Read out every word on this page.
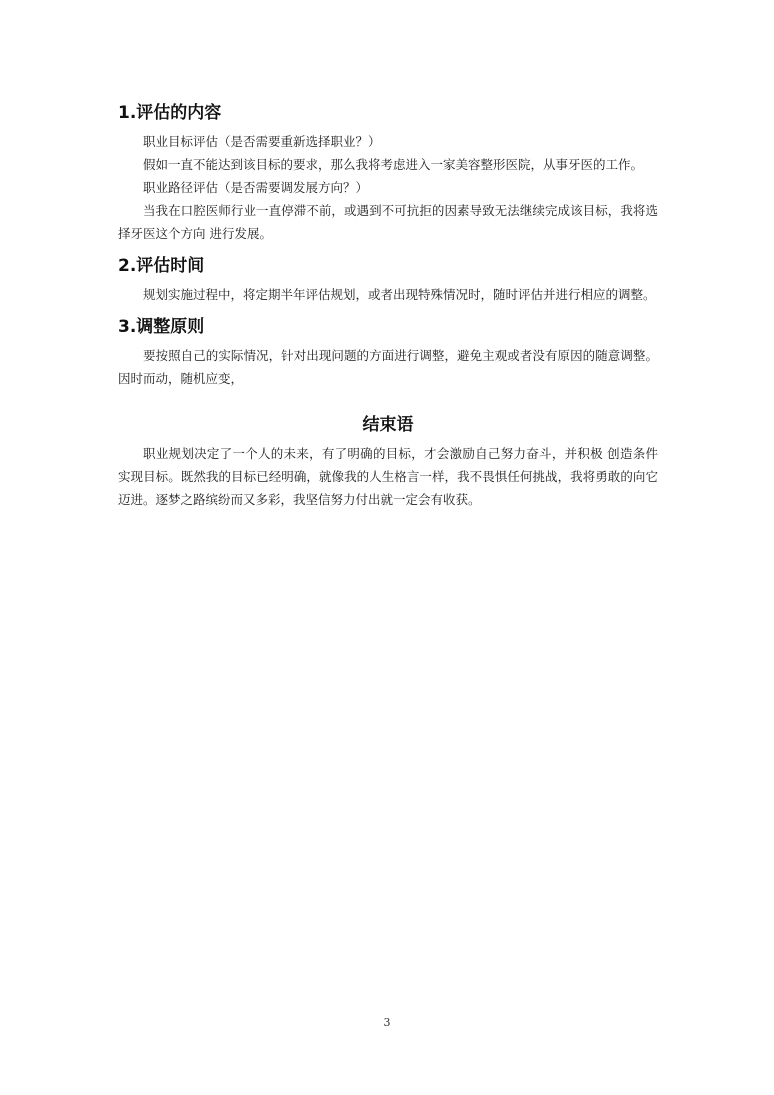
1.评估的内容

职业目标评估（是否需要重新选择职业？）

假如一直不能达到该目标的要求，那么我将考虑进入一家美容整形医院，从事牙医的工作。

职业路径评估（是否需要调发展方向？）

当我在口腔医师行业一直停滞不前，或遇到不可抗拒的因素导致无法继续完成该目标，我将选择牙医这个方向 进行发展。

2.评估时间

规划实施过程中，将定期半年评估规划，或者出现特殊情况时，随时评估并进行相应的调整。

3.调整原则

要按照自己的实际情况，针对出现问题的方面进行调整，避免主观或者没有原因的随意调整。因时而动，随机应变，

结束语

职业规划决定了一个人的未来，有了明确的目标，才会激励自己努力奋斗，并积极 创造条件实现目标。既然我的目标已经明确，就像我的人生格言一样，我不畏惧任何挑战，我将勇敢的向它迈进。逐梦之路缤纷而又多彩，我坚信努力付出就一定会有收获。

3
